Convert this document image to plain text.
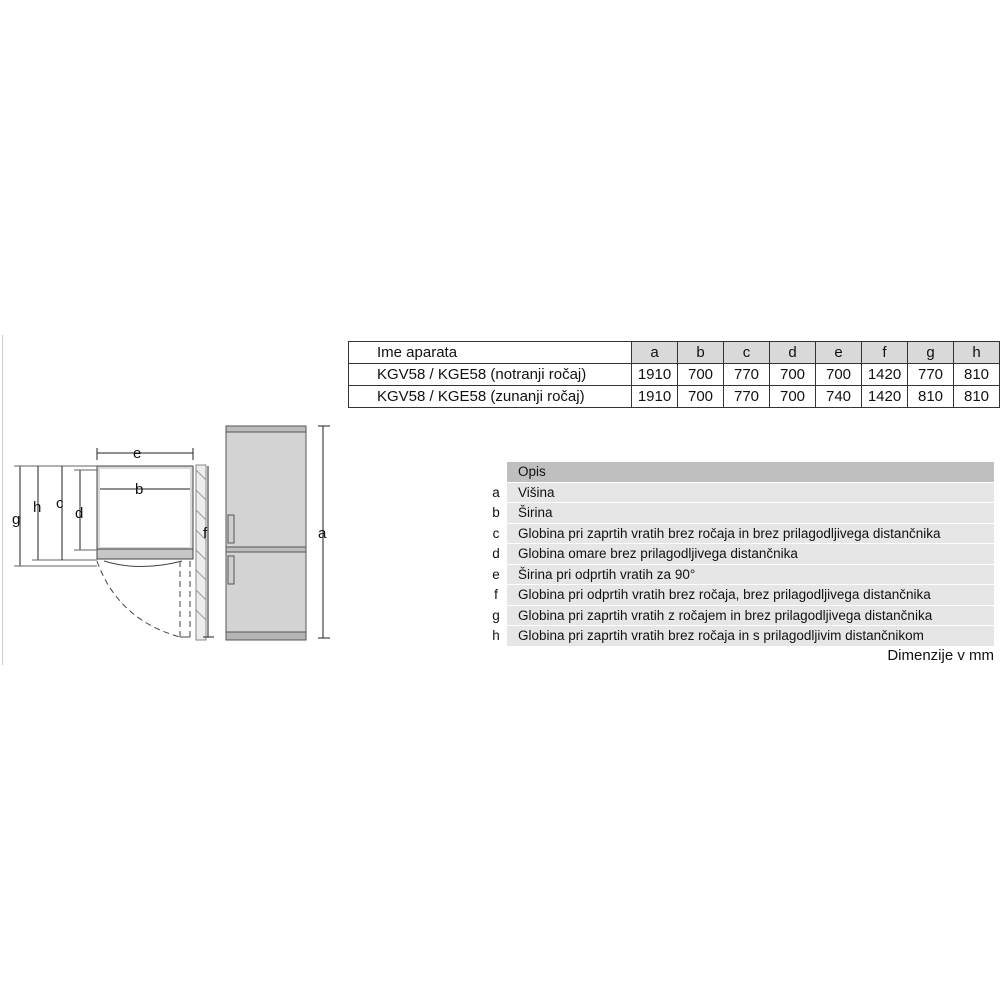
e
b
g
h c
d
f	a
Ime aparata	a	b	c	d	e	f	g	h
KGV58 / KGE58 (notranji ročaj)	1910	700	770	700	700	1420	770	810
KGV58 / KGE58 (zunanji ročaj)	1910	700	770	700	740	1420	810	810
	Opis
a	Višina
b	Širina
c	Globina pri zaprtih vratih brez ročaja in brez prilagodljivega distančnika
d	Globina omare brez prilagodljivega distančnika
e	Širina pri odprtih vratih za 90°
f	Globina pri odprtih vratih brez ročaja, brez prilagodljivega distančnika
g	Globina pri zaprtih vratih z ročajem in brez prilagodljivega distančnika
h	Globina pri zaprtih vratih brez ročaja in s prilagodljivim distančnikom
Dimenzije v mm
